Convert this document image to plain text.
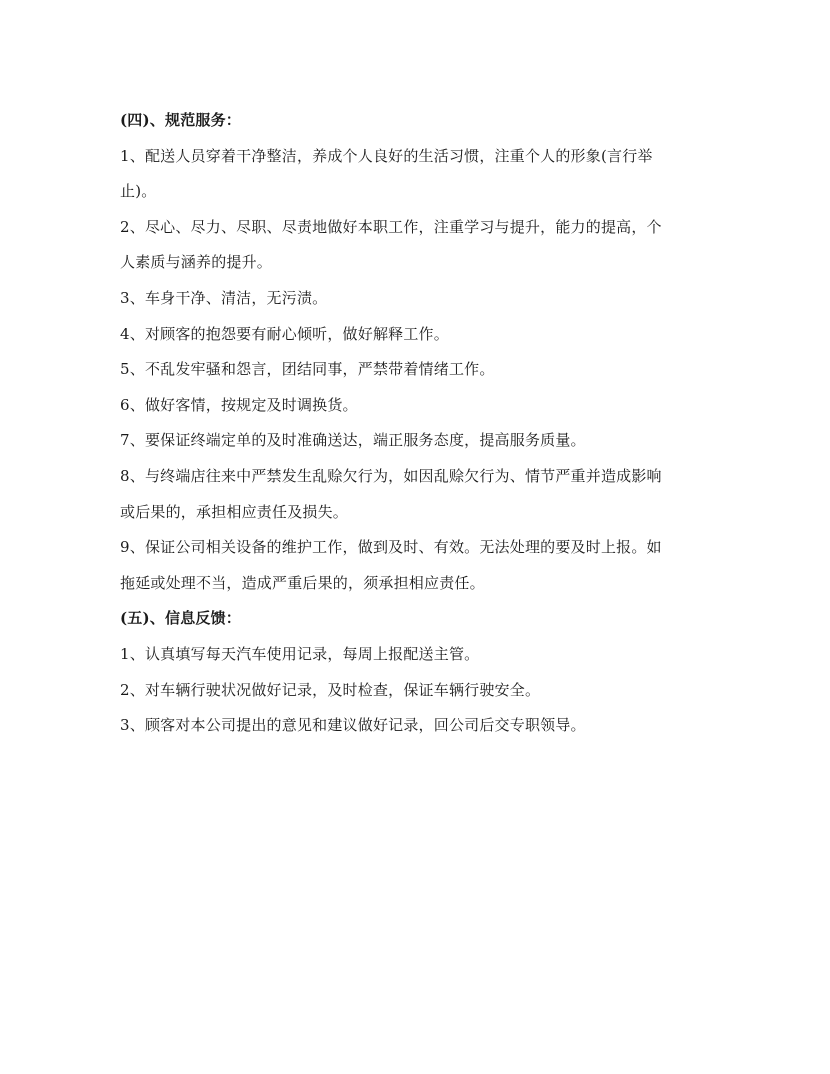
(四)、规范服务：
1、配送人员穿着干净整洁，养成个人良好的生活习惯，注重个人的形象(言行举
止)。
2、尽心、尽力、尽职、尽责地做好本职工作，注重学习与提升，能力的提高，个
人素质与涵养的提升。
3、车身干净、清洁，无污渍。
4、对顾客的抱怨要有耐心倾听，做好解释工作。
5、不乱发牢骚和怨言，团结同事，严禁带着情绪工作。
6、做好客情，按规定及时调换货。
7、要保证终端定单的及时准确送达，端正服务态度，提高服务质量。
8、与终端店往来中严禁发生乱赊欠行为，如因乱赊欠行为、情节严重并造成影响
或后果的，承担相应责任及损失。
9、保证公司相关设备的维护工作，做到及时、有效。无法处理的要及时上报。如
拖延或处理不当，造成严重后果的，须承担相应责任。
(五)、信息反馈：
1、认真填写每天汽车使用记录，每周上报配送主管。
2、对车辆行驶状况做好记录，及时检查，保证车辆行驶安全。
3、顾客对本公司提出的意见和建议做好记录，回公司后交专职领导。
